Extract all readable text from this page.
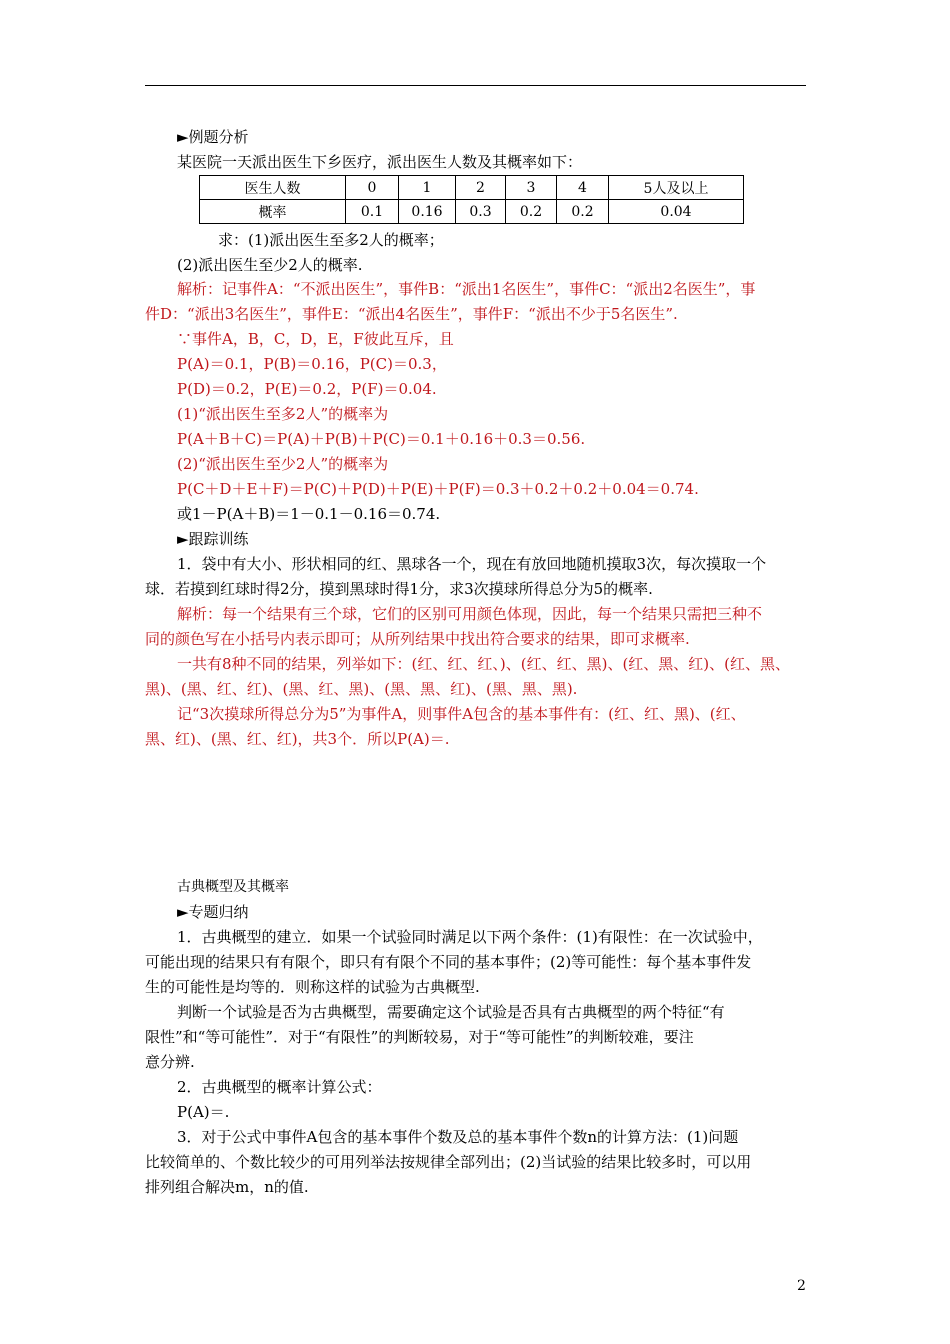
►例题分析
某医院一天派出医生下乡医疗，派出医生人数及其概率如下：
医生人数	0	1	2	3	4	5人及以上
概率	0.1	0.16	0.3	0.2	0.2	0.04
求：(1)派出医生至多2人的概率；
(2)派出医生至少2人的概率.
解析：记事件A：“不派出医生”，事件B：“派出1名医生”，事件C：“派出2名医生”，事
件D：“派出3名医生”，事件E：“派出4名医生”，事件F：“派出不少于5名医生”.
∵事件A，B，C，D，E，F彼此互斥，且
P(A)＝0.1，P(B)＝0.16，P(C)＝0.3，
P(D)＝0.2，P(E)＝0.2，P(F)＝0.04.
(1)“派出医生至多2人”的概率为
P(A＋B＋C)＝P(A)＋P(B)＋P(C)＝0.1＋0.16＋0.3＝0.56.
(2)“派出医生至少2人”的概率为
P(C＋D＋E＋F)＝P(C)＋P(D)＋P(E)＋P(F)＝0.3＋0.2＋0.2＋0.04＝0.74.
或1－P(A＋B)＝1－0.1－0.16＝0.74.
►跟踪训练
1．袋中有大小、形状相同的红、黑球各一个，现在有放回地随机摸取3次，每次摸取一个
球．若摸到红球时得2分，摸到黑球时得1分，求3次摸球所得总分为5的概率.
解析：每一个结果有三个球，它们的区别可用颜色体现，因此，每一个结果只需把三种不
同的颜色写在小括号内表示即可；从所列结果中找出符合要求的结果，即可求概率.
一共有8种不同的结果，列举如下：(红、红、红、)、(红、红、黑)、(红、黑、红)、(红、黑、
黑)、(黑、红、红)、(黑、红、黑)、(黑、黑、红)、(黑、黑、黑).
记“3次摸球所得总分为5”为事件A，则事件A包含的基本事件有：(红、红、黑)、(红、
黑、红)、(黑、红、红)，共3个．所以P(A)＝.
古典概型及其概率
►专题归纳
1．古典概型的建立．如果一个试验同时满足以下两个条件：(1)有限性：在一次试验中，
可能出现的结果只有有限个，即只有有限个不同的基本事件；(2)等可能性：每个基本事件发
生的可能性是均等的．则称这样的试验为古典概型.
判断一个试验是否为古典概型，需要确定这个试验是否具有古典概型的两个特征“有
限性”和“等可能性”．对于“有限性”的判断较易，对于“等可能性”的判断较难，要注
意分辨.
2．古典概型的概率计算公式：
P(A)＝.
3．对于公式中事件A包含的基本事件个数及总的基本事件个数n的计算方法：(1)问题
比较简单的、个数比较少的可用列举法按规律全部列出；(2)当试验的结果比较多时，可以用
排列组合解决m，n的值.
2
